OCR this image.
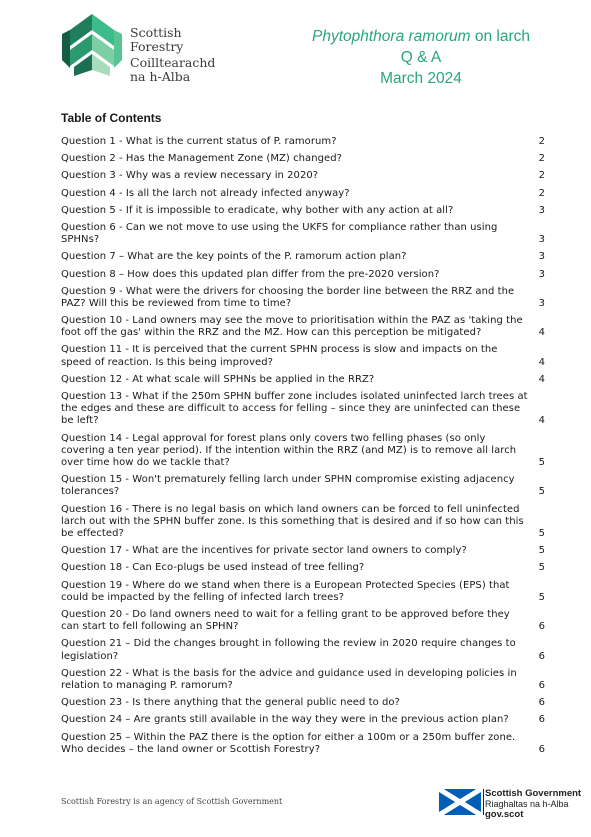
Scottish
Forestry
Coilltearachd
na h-Alba
Phytophthora ramorum on larch
Q & A
March 2024
Table of Contents
Question 1 - What is the current status of P. ramorum?	2
Question 2 - Has the Management Zone (MZ) changed?	2
Question 3 - Why was a review necessary in 2020?	2
Question 4 - Is all the larch not already infected anyway?	2
Question 5 - If it is impossible to eradicate, why bother with any action at all?	3
Question 6 - Can we not move to use using the UKFS for compliance rather than using SPHNs?	3
Question 7 – What are the key points of the P. ramorum action plan?	3
Question 8 – How does this updated plan differ from the pre-2020 version?	3
Question 9 - What were the drivers for choosing the border line between the RRZ and the PAZ? Will this be reviewed from time to time?	3
Question 10 - Land owners may see the move to prioritisation within the PAZ as 'taking the foot off the gas' within the RRZ and the MZ. How can this perception be mitigated?	4
Question 11 - It is perceived that the current SPHN process is slow and impacts on the speed of reaction. Is this being improved?	4
Question 12 - At what scale will SPHNs be applied in the RRZ?	4
Question 13 - What if the 250m SPHN buffer zone includes isolated uninfected larch trees at the edges and these are difficult to access for felling – since they are uninfected can these be left?	4
Question 14 - Legal approval for forest plans only covers two felling phases (so only covering a ten year period). If the intention within the RRZ (and MZ) is to remove all larch over time how do we tackle that?	5
Question 15 - Won't prematurely felling larch under SPHN compromise existing adjacency tolerances?	5
Question 16 - There is no legal basis on which land owners can be forced to fell uninfected larch out with the SPHN buffer zone. Is this something that is desired and if so how can this be effected?	5
Question 17 - What are the incentives for private sector land owners to comply?	5
Question 18 - Can Eco-plugs be used instead of tree felling?	5
Question 19 - Where do we stand when there is a European Protected Species (EPS) that could be impacted by the felling of infected larch trees?	5
Question 20 - Do land owners need to wait for a felling grant to be approved before they can start to fell following an SPHN?	6
Question 21 – Did the changes brought in following the review in 2020 require changes to legislation?	6
Question 22 - What is the basis for the advice and guidance used in developing policies in relation to managing P. ramorum?	6
Question 23 - Is there anything that the general public need to do?	6
Question 24 – Are grants still available in the way they were in the previous action plan?	6
Question 25 – Within the PAZ there is the option for either a 100m or a 250m buffer zone. Who decides – the land owner or Scottish Forestry?	6
Scottish Forestry is an agency of Scottish Government
Scottish Government
Riaghaltas na h-Alba
gov.scot
